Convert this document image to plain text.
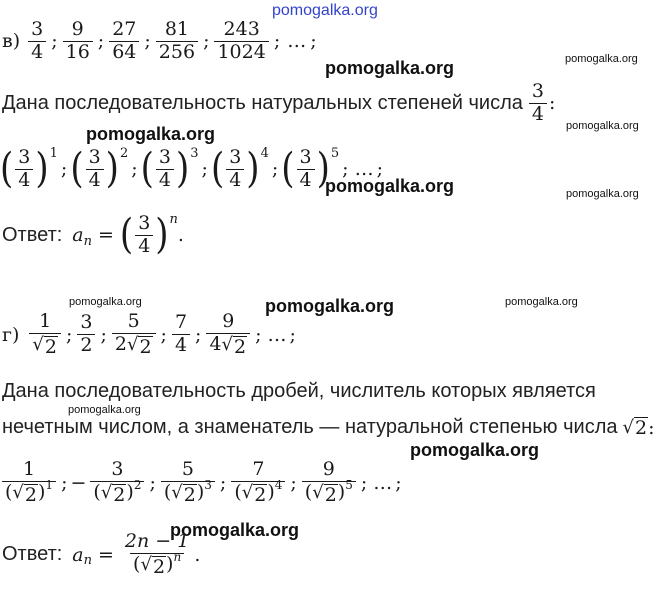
pomogalka.org
$в) \frac{3}{4}$ ; $\frac{9}{16}$ ; $\frac{27}{64}$ ; $\frac{81}{256}$ ; $\frac{243}{1024}$ ; … ;
pomogalka.org	pomogalka.org
Дана последовательность натуральных степеней числа $\frac{3}{4}$ :
pomogalka.org
pomogalka.org
( $\frac{3}{4}$ ) 1
; ( $\frac{3}{4}$ ) 2
; ( $\frac{3}{4}$ ) 3
; ( $\frac{3}{4}$ ) 4
; ( $\frac{3}{4}$ ) 5
; … ;
pomogalka.org	pomogalka.org
Ответ: a n = ( $\frac{3}{4}$ ) n
.
pomogalka.org	pomogalka.org	pomogalka.org
$г) \frac{1}{√ 2}$ ; $\frac{3}{2}$ ; $\frac{5}{2 √ 2}$ ; $\frac{7}{4}$ ; $\frac{9}{4 √ 2}$ ; … ;
Дана последовательность дробей, числитель которых является
pomogalka.org
нечетным числом, а знаменатель — натуральной степенью числа √ 2 :
pomogalka.org
$\frac{1}{( √ 2 )^1}$ ; − $\frac{3}{( √ 2 )^2}$ ; $\frac{5}{( √ 2 )^3}$ ; $\frac{7}{( √ 2 )^4}$ ; $\frac{9}{( √ 2 )^5}$ ; … ;
pomogalka.org
Ответ: a $n = \frac{2n - 1}{( √ 2 )^n}$ .
